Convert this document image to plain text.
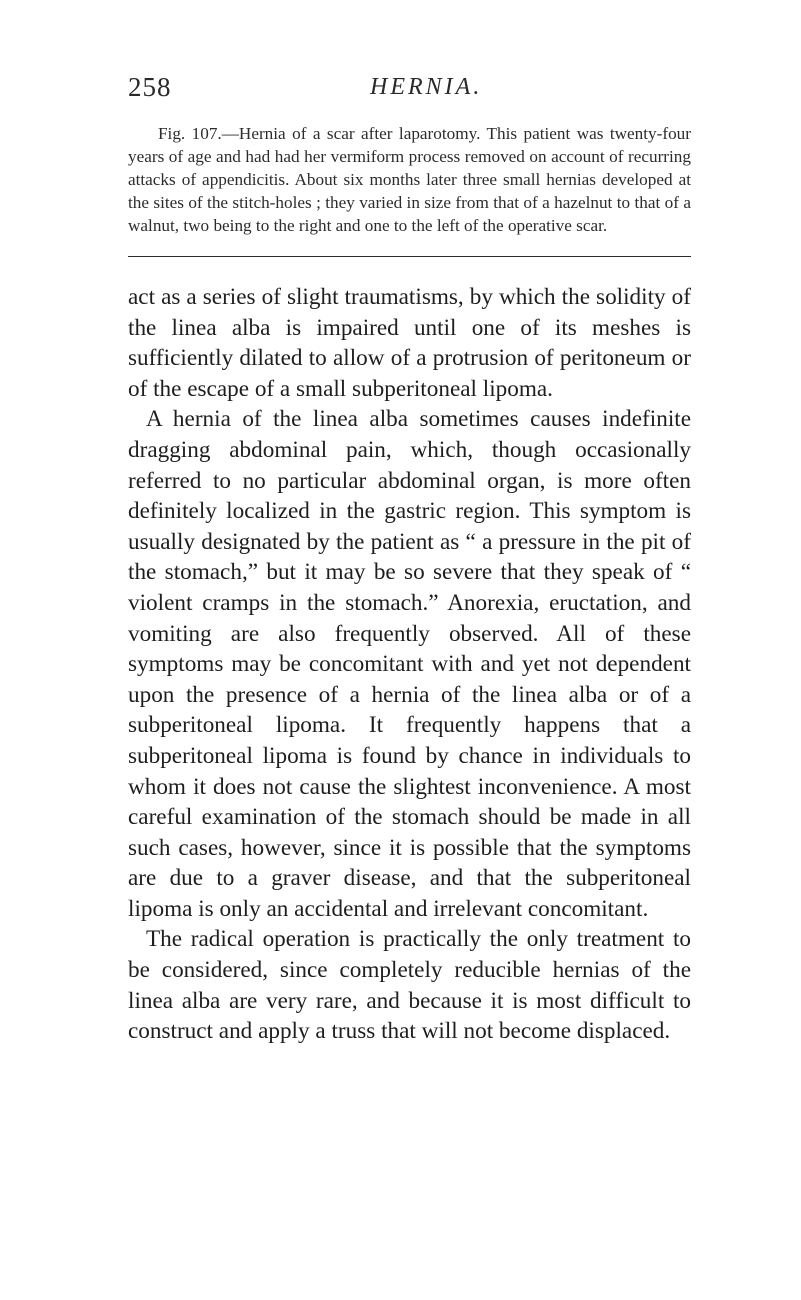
258	HERNIA.
Fig. 107.—Hernia of a scar after laparotomy. This patient was twenty-four years of age and had had her vermiform process removed on account of recurring attacks of appendicitis. About six months later three small hernias developed at the sites of the stitch-holes ; they varied in size from that of a hazelnut to that of a walnut, two being to the right and one to the left of the operative scar.

act as a series of slight traumatisms, by which the solidity of the linea alba is impaired until one of its meshes is sufficiently dilated to allow of a protrusion of peritoneum or of the escape of a small subperitoneal lipoma.

A hernia of the linea alba sometimes causes indefinite dragging abdominal pain, which, though occasionally referred to no particular abdominal organ, is more often definitely localized in the gastric region. This symptom is usually designated by the patient as “ a pressure in the pit of the stomach,” but it may be so severe that they speak of “ violent cramps in the stomach.” Anorexia, eructation, and vomiting are also frequently observed. All of these symptoms may be concomitant with and yet not dependent upon the presence of a hernia of the linea alba or of a subperitoneal lipoma. It frequently happens that a subperitoneal lipoma is found by chance in individuals to whom it does not cause the slightest inconvenience. A most careful examination of the stomach should be made in all such cases, however, since it is possible that the symptoms are due to a graver disease, and that the subperitoneal lipoma is only an accidental and irrelevant concomitant.

The radical operation is practically the only treatment to be considered, since completely reducible hernias of the linea alba are very rare, and because it is most difficult to construct and apply a truss that will not become displaced.
